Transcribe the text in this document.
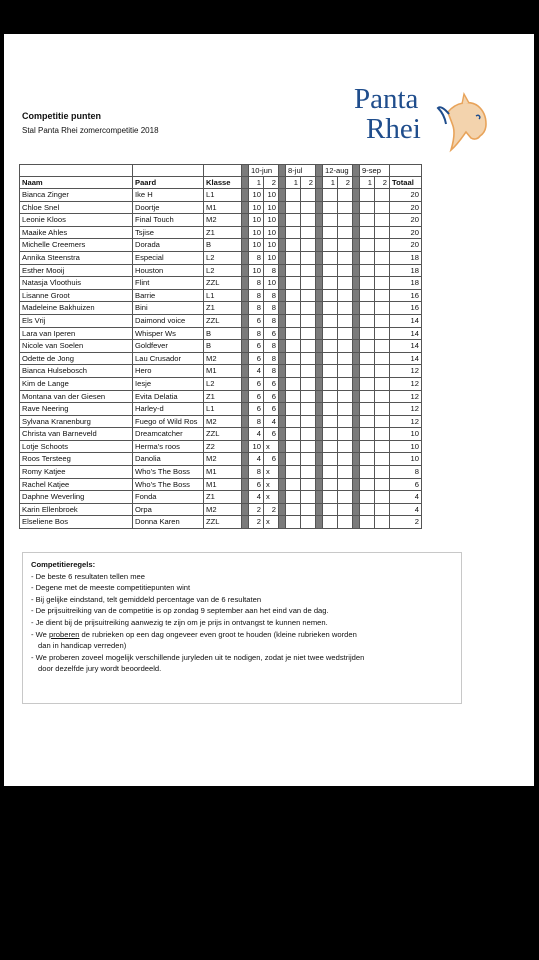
Competitie punten
Stal Panta Rhei zomercompetitie 2018
Panta
Rhei
				10-jun			8-jul			12-aug			9-sep		
Naam	Paard	Klasse		1	2		1	2		1	2		1	2	Totaal
Bianca Zinger	Ike H	L1		10	10										20
Chloe Snel	Doortje	M1		10	10										20
Leonie Kloos	Final Touch	M2		10	10										20
Maaike Ahles	Tsjise	Z1		10	10										20
Michelle Creemers	Dorada	B		10	10										20
Annika Steenstra	Especial	L2		8	10										18
Esther Mooij	Houston	L2		10	8										18
Natasja Vloothuis	Flint	ZZL		8	10										18
Lisanne Groot	Barrie	L1		8	8										16
Madeleine Bakhuizen	Bini	Z1		8	8										16
Els Vrij	Daimond voice	ZZL		6	8										14
Lara van Iperen	Whisper Ws	B		8	6										14
Nicole van Soelen	Goldfever	B		6	8										14
Odette de Jong	Lau Crusador	M2		6	8										14
Bianca Hulsebosch	Hero	M1		4	8										12
Kim de Lange	Iesje	L2		6	6										12
Montana van der Giesen	Evita Delatia	Z1		6	6										12
Rave Neering	Harley-d	L1		6	6										12
Sylvana Kranenburg	Fuego of Wild Ros	M2		8	4										12
Christa van Barneveld	Dreamcatcher	ZZL		4	6										10
Lotje Schoots	Herma's roos	Z2		10	x										10
Roos Tersteeg	Danolia	M2		4	6										10
Romy Katjee	Who's The Boss	M1		8	x										8
Rachel Katjee	Who's The Boss	M1		6	x										6
Daphne Weverling	Fonda	Z1		4	x										4
Karin Ellenbroek	Orpa	M2		2	2										4
Elseliene Bos	Donna Karen	ZZL		2	x										2
Competitieregels:
- De beste 6 resultaten tellen mee
- Degene met de meeste competitiepunten wint
- Bij gelijke eindstand, telt gemiddeld percentage van de 6 resultaten
- De prijsuitreiking van de competitie is op zondag 9 september aan het eind van de dag.
- Je dient bij de prijsuitreiking aanwezig te zijn om je prijs in ontvangst te kunnen nemen.
- We proberen de rubrieken op een dag ongeveer even groot te houden (kleine rubrieken worden
dan in handicap verreden)
- We proberen zoveel mogelijk verschillende juryleden uit te nodigen, zodat je niet twee wedstrijden
door dezelfde jury wordt beoordeeld.
